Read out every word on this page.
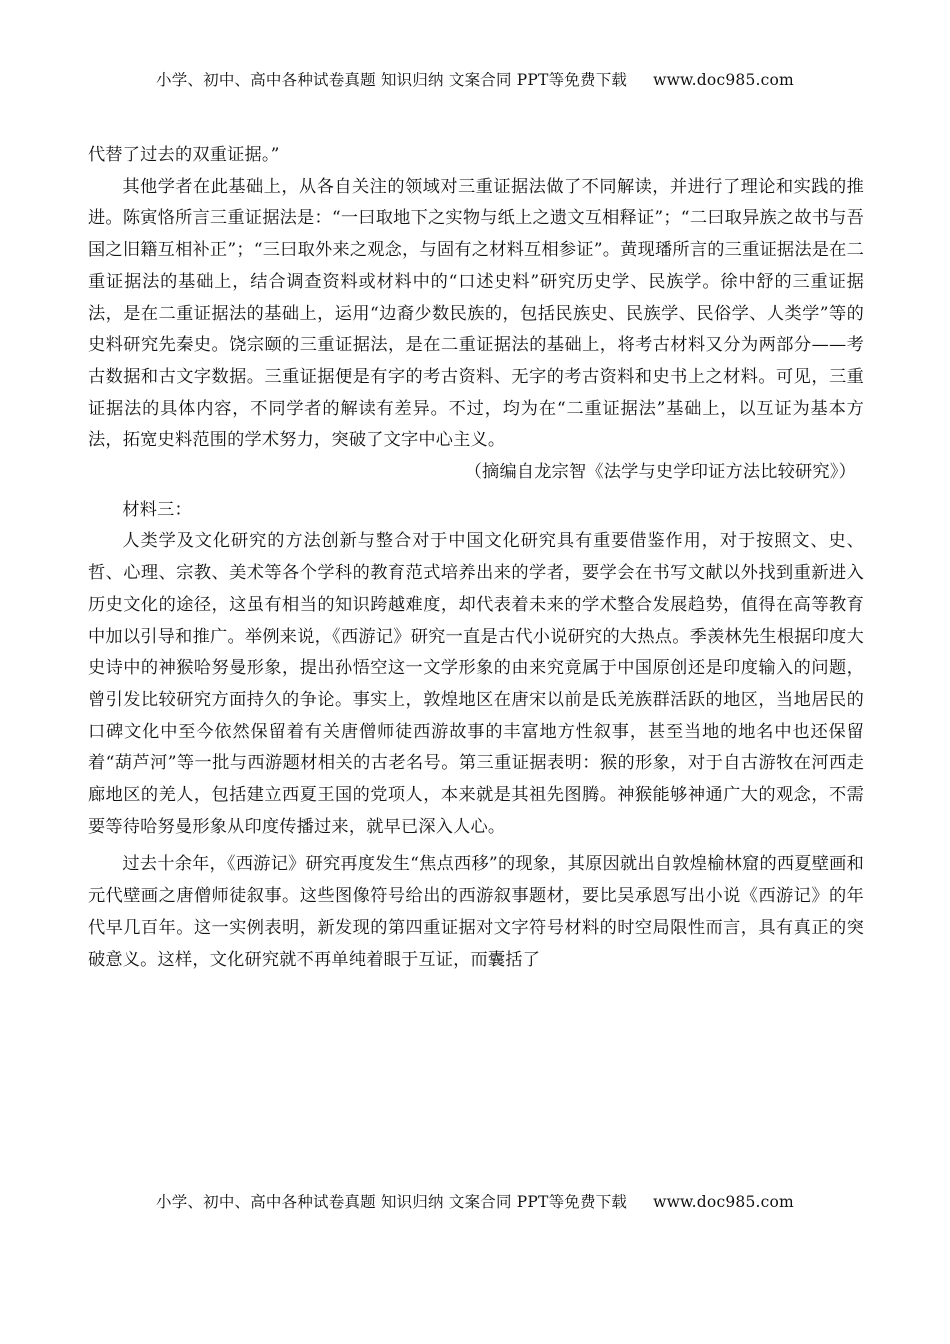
小学、初中、高中各种试卷真题 知识归纳 文案合同 PPT等免费下载 www.doc985.com

代替了过去的双重证据。”

其他学者在此基础上，从各自关注的领域对三重证据法做了不同解读，并进行了理论和实践的推进。陈寅恪所言三重证据法是：“一曰取地下之实物与纸上之遗文互相释证”；“二曰取异族之故书与吾国之旧籍互相补正”；“三曰取外来之观念，与固有之材料互相参证”。黄现璠所言的三重证据法是在二重证据法的基础上，结合调查资料或材料中的“口述史料”研究历史学、民族学。徐中舒的三重证据法，是在二重证据法的基础上，运用“边裔少数民族的，包括民族史、民族学、民俗学、人类学”等的史料研究先秦史。饶宗颐的三重证据法，是在二重证据法的基础上，将考古材料又分为两部分——考古数据和古文字数据。三重证据便是有字的考古资料、无字的考古资料和史书上之材料。可见，三重证据法的具体内容，不同学者的解读有差异。不过，均为在“二重证据法”基础上，以互证为基本方法，拓宽史料范围的学术努力，突破了文字中心主义。

（摘编自龙宗智《法学与史学印证方法比较研究》）

材料三：

人类学及文化研究的方法创新与整合对于中国文化研究具有重要借鉴作用，对于按照文、史、哲、心理、宗教、美术等各个学科的教育范式培养出来的学者，要学会在书写文献以外找到重新进入历史文化的途径，这虽有相当的知识跨越难度，却代表着未来的学术整合发展趋势，值得在高等教育中加以引导和推广。举例来说，《西游记》研究一直是古代小说研究的大热点。季羡林先生根据印度大史诗中的神猴哈努曼形象，提出孙悟空这一文学形象的由来究竟属于中国原创还是印度输入的问题，曾引发比较研究方面持久的争论。事实上，敦煌地区在唐宋以前是氐羌族群活跃的地区，当地居民的口碑文化中至今依然保留着有关唐僧师徒西游故事的丰富地方性叙事，甚至当地的地名中也还保留着“葫芦河”等一批与西游题材相关的古老名号。第三重证据表明：猴的形象，对于自古游牧在河西走廊地区的羌人，包括建立西夏王国的党项人，本来就是其祖先图腾。神猴能够神通广大的观念，不需要等待哈努曼形象从印度传播过来，就早已深入人心。

过去十余年，《西游记》研究再度发生“焦点西移”的现象，其原因就出自敦煌榆林窟的西夏壁画和元代壁画之唐僧师徒叙事。这些图像符号给出的西游叙事题材，要比吴承恩写出小说《西游记》的年代早几百年。这一实例表明，新发现的第四重证据对文字符号材料的时空局限性而言，具有真正的突破意义。这样，文化研究就不再单纯着眼于互证，而囊括了

小学、初中、高中各种试卷真题 知识归纳 文案合同 PPT等免费下载 www.doc985.com
